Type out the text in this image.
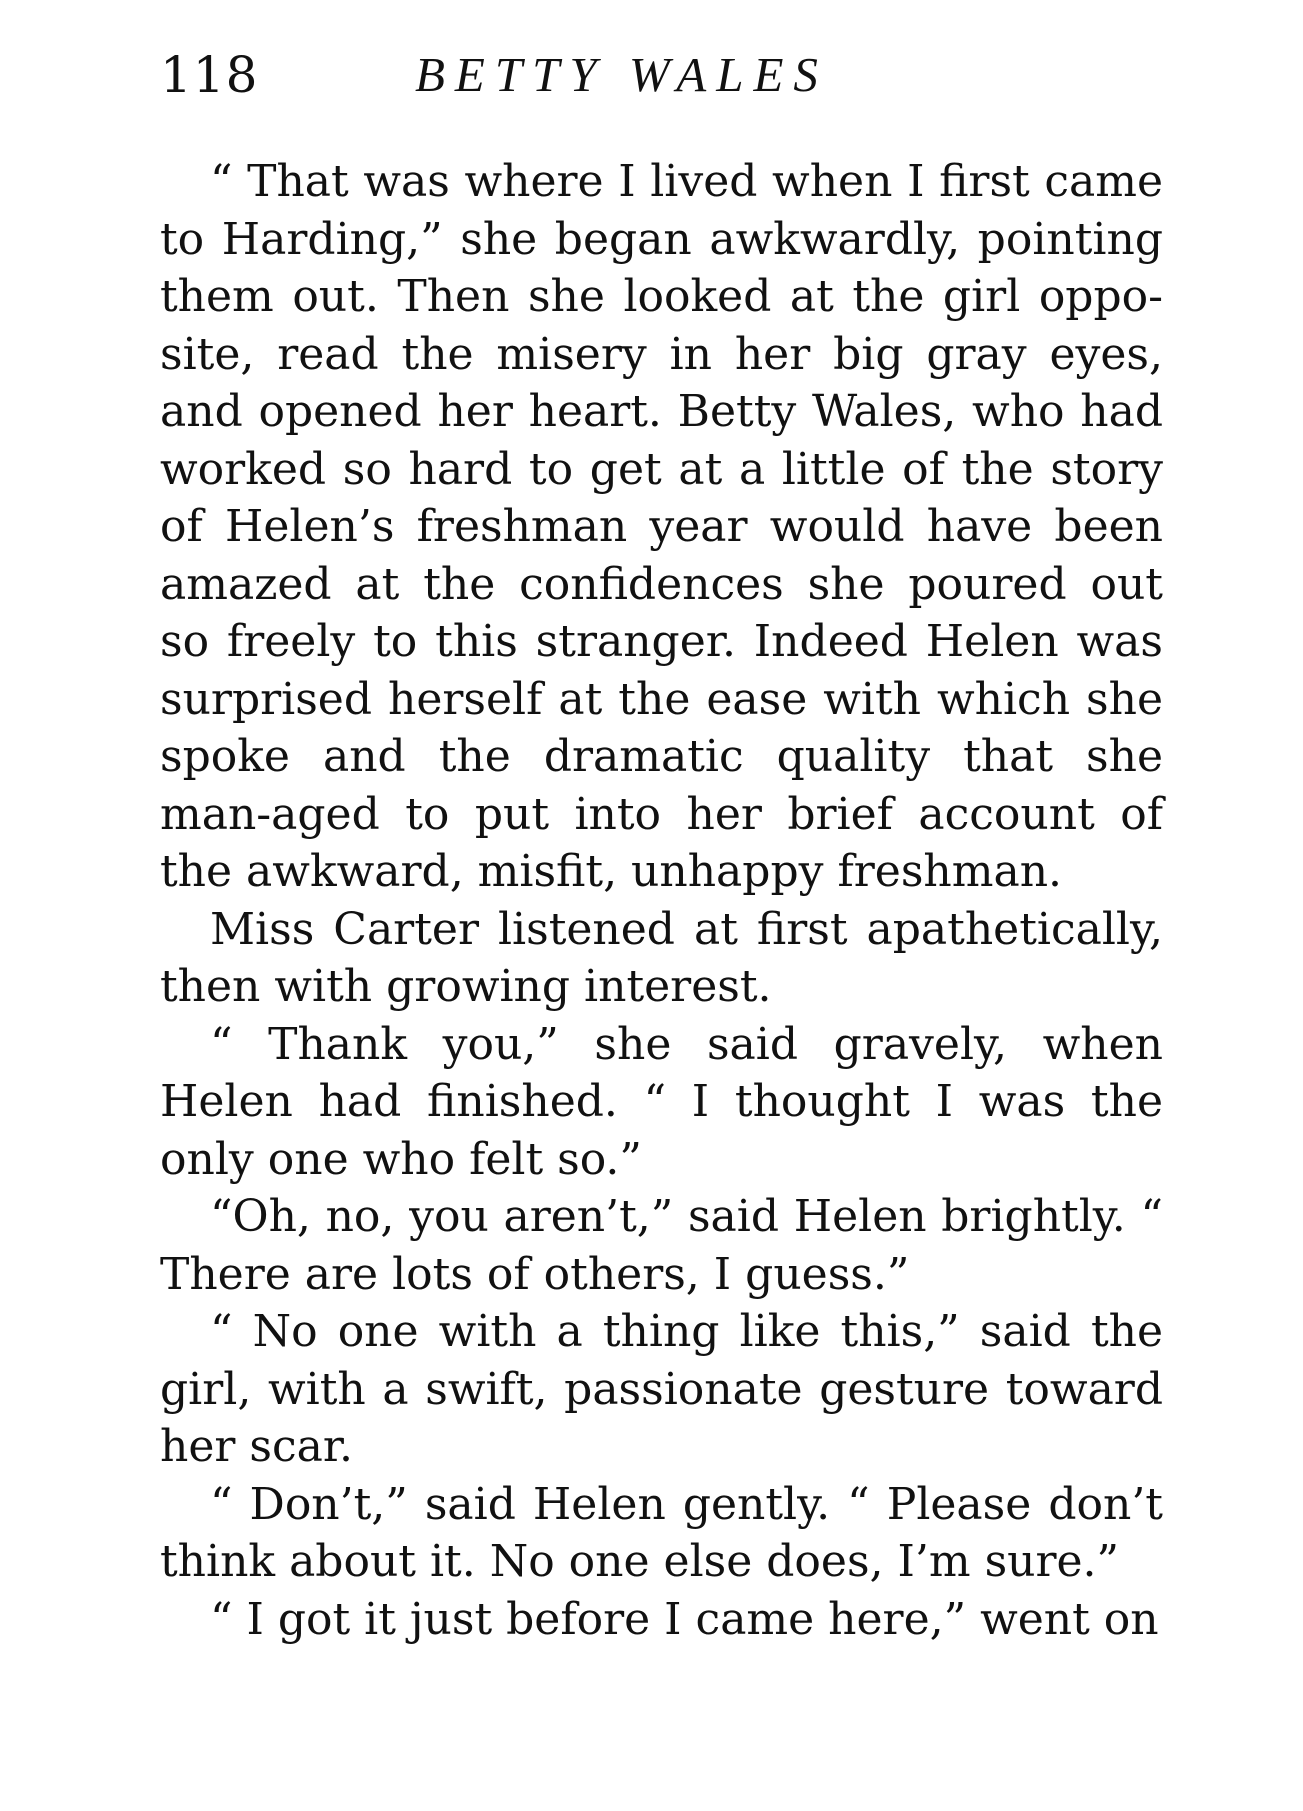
118	BETTY WALES

“ That was where I lived when I first came to Harding,” she began awkwardly, pointing them out. Then she looked at the girl oppo-site, read the misery in her big gray eyes, and opened her heart. Betty Wales, who had worked so hard to get at a little of the story of Helen’s freshman year would have been amazed at the confidences she poured out so freely to this stranger. Indeed Helen was surprised herself at the ease with which she spoke and the dramatic quality that she man-aged to put into her brief account of the awkward, misfit, unhappy freshman.

Miss Carter listened at first apathetically, then with growing interest.

“ Thank you,” she said gravely, when Helen had finished. “ I thought I was the only one who felt so.”

“Oh, no, you aren’t,” said Helen brightly. “ There are lots of others, I guess.”

“ No one with a thing like this,” said the girl, with a swift, passionate gesture toward her scar.

“ Don’t,” said Helen gently. “ Please don’t think about it. No one else does, I’m sure.”

“ I got it just before I came here,” went on
